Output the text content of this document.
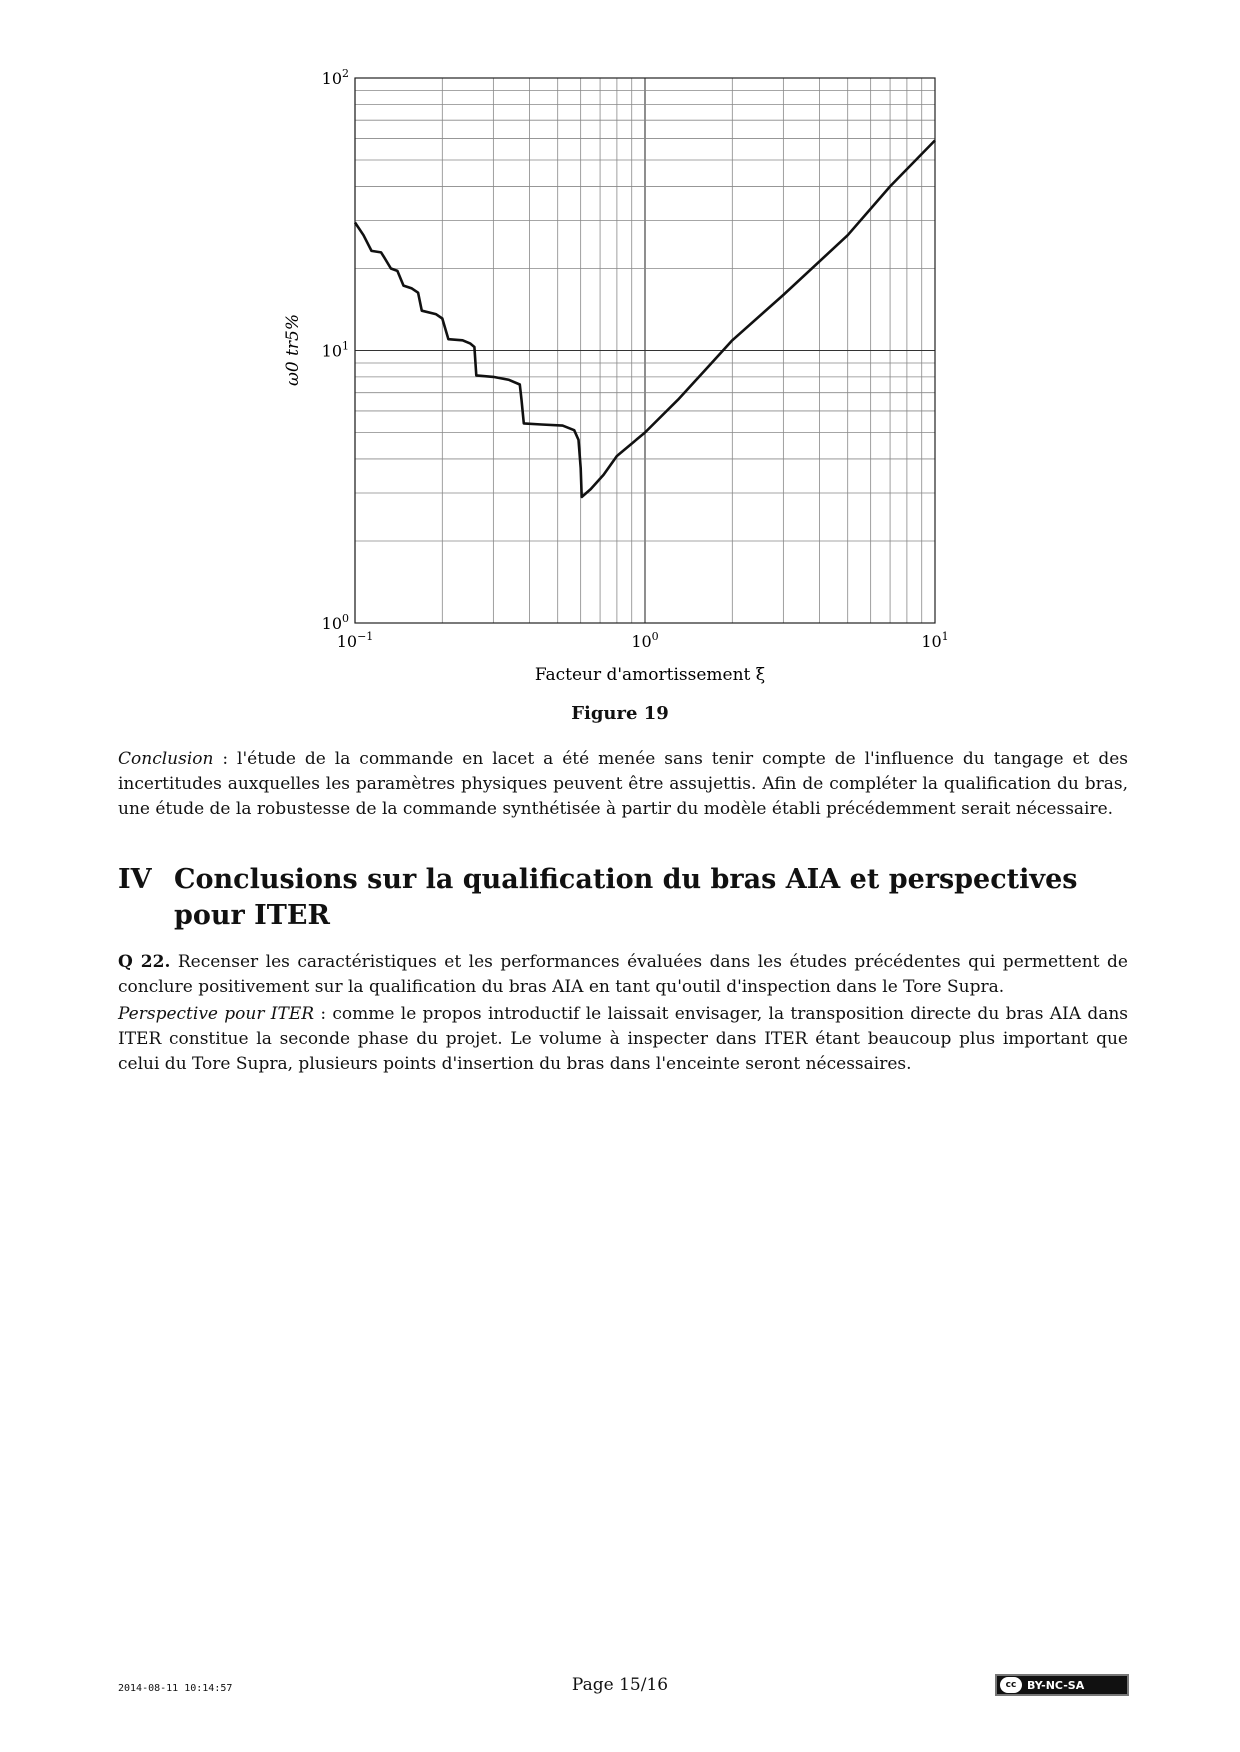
$10^{-1}$	$10^0$	$10^1$
$10^0$
$10^1$
$10^2$
Facteur d'amortissement ξ
ω0 tr5%
Figure 19
Conclusion : l'étude de la commande en lacet a été menée sans tenir compte de l'influence du tangage et des incertitudes auxquelles les paramètres physiques peuvent être assujettis. Afin de compléter la qualification du bras, une étude de la robustesse de la commande synthétisée à partir du modèle établi précédemment serait nécessaire.
IV Conclusions sur la qualification du bras AIA et perspectives
pour ITER
Q 22. Recenser les caractéristiques et les performances évaluées dans les études précédentes qui permettent de conclure positivement sur la qualification du bras AIA en tant qu'outil d'inspection dans le Tore Supra.
Perspective pour ITER : comme le propos introductif le laissait envisager, la transposition directe du bras AIA dans ITER constitue la seconde phase du projet. Le volume à inspecter dans ITER étant beaucoup plus important que celui du Tore Supra, plusieurs points d'insertion du bras dans l'enceinte seront nécessaires.
2014-08-11 10:14:57	Page 15/16	cc BY-NC-SA
